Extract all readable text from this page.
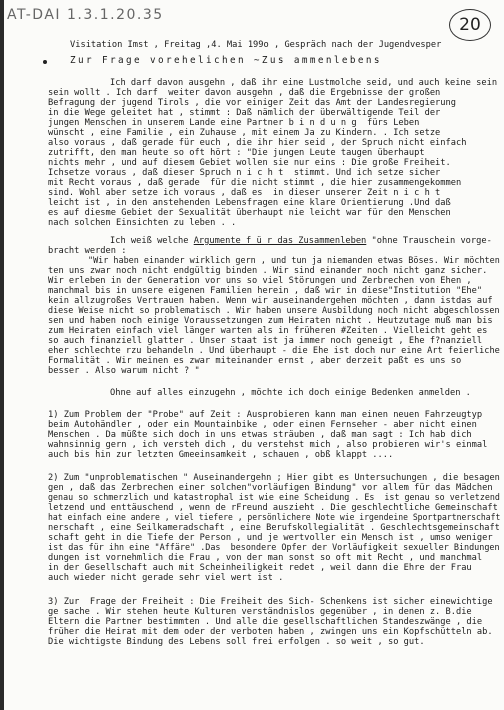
AT-DAI 1.3.1.20.35	20
Visitation Imst , Freitag ,4. Mai 199o , Gespräch nach der Jugendvesper
Zur Frage vorehelichen ~Zus ammenlebens
Ich darf davon ausgehn , daß ihr eine Lustmolche seid, und auch keine sein
sein wollt . Ich darf  weiter davon ausgehn , daß die Ergebnisse der großen
Befragung der jugend Tirols , die vor einiger Zeit das Amt der Landesregierung
in die Wege geleitet hat , stimmt : Daß nämlich der überwältigende Teil der
jungen Menschen in unserem Lande eine Partner b i n d u n g  fürs Leben
wünscht , eine Familie , ein Zuhause , mit einem Ja zu Kindern. . Ich setze
also voraus , daß gerade für euch , die ihr hier seid , der Spruch nicht einfach
zutrifft, den man heute so oft hört : "Die jungen Leute taugen überhaupt
nichts mehr , und auf diesem Gebiet wollen sie nur eins : Die große Freiheit.
Ichsetze voraus , daß dieser Spruch n i c h t  stimmt. Und ich setze sicher
mit Recht voraus , daß gerade  für die nicht stimmt , die hier zusammengekommen
sind. Wohl aber setze ich voraus , daß es  in dieser unserer Zeit n i c h t
leicht ist , in den anstehenden Lebensfragen eine klare Orientierung .Und daß
es auf diesme Gebiet der Sexualität überhaupt nie leicht war für den Menschen
nach solchen Einsichten zu leben . .
Ich weiß welche Argumente f ü r das Zusammenleben "ohne Trauschein vorge-
bracht werden :
"Wir haben einander wirklich gern , und tun ja niemanden etwas Böses. Wir möchten
ten uns zwar noch nicht endgültig binden . Wir sind einander noch nicht ganz sicher.
Wir erleben in der Generation vor uns so viel Störungen und Zerbrechen von Ehen ,
manchmal bis in unsere eigenen Familien herein , daß wir in diese"Institution "Ehe"
kein allzugroßes Vertrauen haben. Wenn wir auseinandergehen möchten , dann istdas auf
diese Weise nicht so problematisch . Wir haben unsere Ausbildung noch nicht abgeschlossen
sen und haben noch einige Voraussetzungen zum Heiraten nicht . Heutzutage muß man bis
zum Heiraten einfach viel länger warten als in früheren #Zeiten . Vielleicht geht es
so auch finanziell glatter . Unser staat ist ja immer noch geneigt , Ehe f?nanziell
eher schlechte rzu behandeln . Und überhaupt - die Ehe ist doch nur eine Art feierliche
Formalität . Wir meinen es zwar miteinander ernst , aber derzeit paßt es uns so
besser . Also warum nicht ? "
Ohne auf alles einzugehn , möchte ich doch einige Bedenken anmelden .
1) Zum Problem der "Probe" auf Zeit : Ausprobieren kann man einen neuen Fahrzeugtyp
beim Autohändler , oder ein Mountainbike , oder einen Fernseher - aber nicht einen
Menschen . Da müßte sich doch in uns etwas sträuben , daß man sagt : Ich hab dich
wahnsinnig gern , ich versteh dich , du verstehst mich , also probieren wir's einmal
auch bis hin zur letzten Gmeeinsamkeit , schauen , obß klappt ....
2) Zum "unproblematischen " Auseinandergehn ; Hier gibt es Untersuchungen , die besagen
gen , daß das Zerbrechen einer solchen"vorläufigen Bindung" vor allem für das Mädchen
genau so schmerzlich und katastrophal ist wie eine Scheidung . Es  ist genau so verletzend
letzend und enttäuschend , wenn de rFreund auszieht . Die geschlechtliche Gemeinschaft
hat einfach eine andere , viel tiefere , persönlichere Note wie irgendeine Sportpartnerschaft
nerschaft , eine Seilkameradschaft , eine Berufskollegialität . Geschlechtsgemeinschaft
schaft geht in die Tiefe der Person , und je wertvoller ein Mensch ist , umso weniger
ist das für ihn eine "Affäre" .Das  besondere Opfer der Vorläufigkeit sexueller Bindungen
dungen ist vornehmlich die Frau , von der man sonst so oft mit Recht , und manchmal
in der Gesellschaft auch mit Scheinheiligkeit redet , weil dann die Ehre der Frau
auch wieder nicht gerade sehr viel wert ist .
3) Zur  Frage der Freiheit : Die Freiheit des Sich- Schenkens ist sicher einewichtige
ge sache . Wir stehen heute Kulturen verständnislos gegenüber , in denen z. B.die
Eltern die Partner bestimmten . Und alle die gesellschaftlichen Standeszwänge , die
früher die Heirat mit dem oder der verboten haben , zwingen uns ein Kopfschütteln ab.
Die wichtigste Bindung des Lebens soll frei erfolgen . so weit , so gut.
